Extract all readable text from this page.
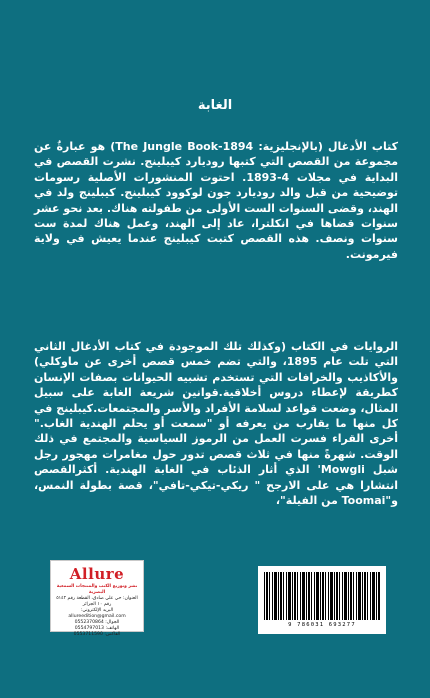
الغابة

كتاب الأدغال (بالإنجليزية: The Jungle Book-1894) هو عبارةٌ عن مجموعة من القصص التي كتبها روديارد كيبلينج. نشرت القصص في البداية في مجلات 4-1893. احتوت المنشورات الأصلية رسومات توضيحية من قبل والد روديارد جون لوكوود كيبلينج. كيبلينج ولد في الهند، وقضى السنوات الست الأولى من طفولته هناك. بعد نحو عشر سنوات قضاها في انكلترا، عاد إلى الهند، وعمل هناك لمدة ست سنوات ونصف. هذه القصص كتبت كيبلينج عندما يعيش في ولاية فيرمونت.

الروايات في الكتاب (وكذلك تلك الموجودة في كتاب الأدغال الثاني التي تلت عام 1895، والتي تضم خمس قصص أخرى عن ماوكلي) والأكاذيب والخرافات التي تستخدم تشبيه الحيوانات بصفات الإنسان كطريقة لإعطاء دروس أخلاقية.قوانين شريعة الغابة على سبيل المثال، وضعت قواعد لسلامة الأفراد والأسر والمجتمعات.كيبلينج في كل منها ما يقارب من يعرفه أو "سمعت أو يحلم الهندية الغاب." أخرى القراء فسرت العمل من الرموز السياسية والمجتمع في ذلك الوقت. شهرةً منها في ثلاث قصص تدور حول مغامرات مهجور رجل شبل Mowgli' الذي أثار الذئاب في الغابة الهندية. أكثرالقصص انتشارا هي على الارجح " ريكي-تيكي-تافي"، قصة بطولة النمس، و"Toomai من الفيلة"،

Allure
نشر وتوزيع الكتب والمنتجات السمعية البصرية
العنوان: حي علي صادق، القطعة رقم ٥١٤٢ رقم ١٠ الجزائر
البريد الإلكتروني: allureedition@gmail.com
الجوال: 0552370864
الهاتف: 0554797013
الفاكس: 0553711590
9 786031 693277
